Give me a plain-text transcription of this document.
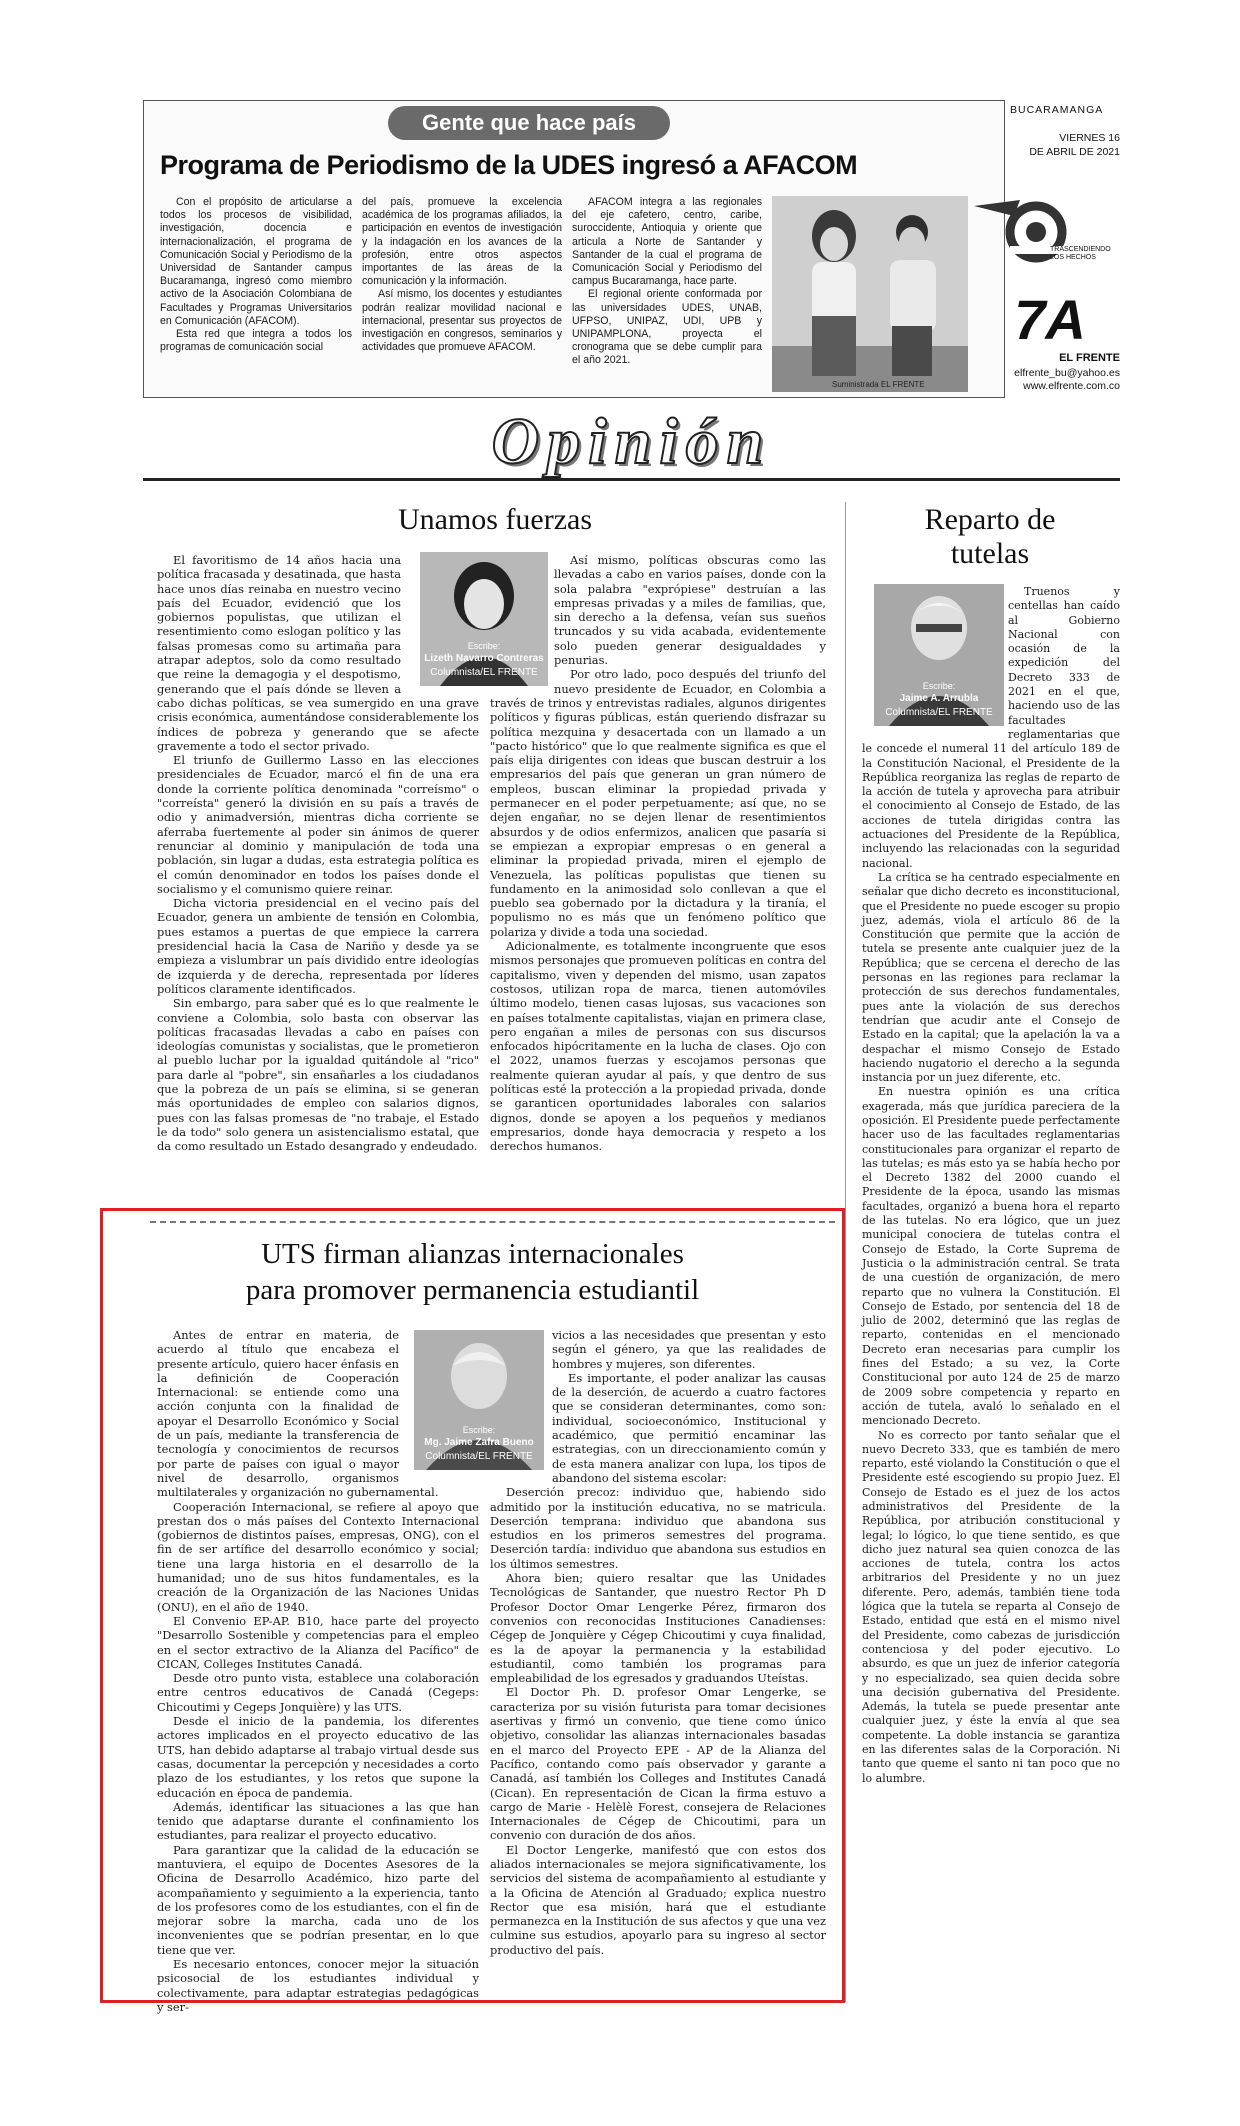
Gente que hace país
Programa de Periodismo de la UDES ingresó a AFACOM

Con el propósito de articularse a todos los procesos de visibilidad, investigación, docencia e internacionalización, el programa de Comunicación Social y Periodismo de la Universidad de Santander campus Bucaramanga, ingresó como miembro activo de la Asociación Colombiana de Facultades y Programas Universitarios en Comunicación (AFACOM).

Esta red que integra a todos los programas de comunicación social

del país, promueve la excelencia académica de los programas afiliados, la participación en eventos de investigación y la indagación en los avances de la profesión, entre otros aspectos importantes de las áreas de la comunicación y la información.

Así mismo, los docentes y estudiantes podrán realizar movilidad nacional e internacional, presentar sus proyectos de investigación en congresos, seminarios y actividades que promueve AFACOM.

AFACOM integra a las regionales del eje cafetero, centro, caribe, suroccidente, Antioquia y oriente que articula a Norte de Santander y Santander de la cual el programa de Comunicación Social y Periodismo del campus Bucaramanga, hace parte.

El regional oriente conformada por las universidades UDES, UNAB, UFPSO, UNIPAZ, UDI, UPB y UNIPAMPLONA, proyecta el cronograma que se debe cumplir para el año 2021.

Suministrada EL FRENTE
BUCARAMANGA
VIERNES 16
DE ABRIL DE 2021
TRASCENDIENDO LOS HECHOS
7A
EL FRENTE
elfrente_bu@yahoo.es
www.elfrente.com.co
Opinión
Unamos fuerzas

El favoritismo de 14 años hacia una política fracasada y desatinada, que hasta hace unos días reinaba en nuestro vecino país del Ecuador, evidenció que los gobiernos populistas, que utilizan el resentimiento como eslogan político y las falsas promesas como su artimaña para atrapar adeptos, solo da como resultado que reine la demagogia y el despotismo, generando que el país dónde se lleven a cabo dichas políticas, se vea sumergido en una grave crisis económica, aumentándose considerablemente los índices de pobreza y generando que se afecte gravemente a todo el sector privado.

El triunfo de Guillermo Lasso en las elecciones presidenciales de Ecuador, marcó el fin de una era donde la corriente política denominada "correísmo" o "correísta" generó la división en su país a través de odio y animadversión, mientras dicha corriente se aferraba fuertemente al poder sin ánimos de querer renunciar al dominio y manipulación de toda una población, sin lugar a dudas, esta estrategia política es el común denominador en todos los países donde el socialismo y el comunismo quiere reinar.

Dicha victoria presidencial en el vecino país del Ecuador, genera un ambiente de tensión en Colombia, pues estamos a puertas de que empiece la carrera presidencial hacia la Casa de Nariño y desde ya se empieza a vislumbrar un país dividido entre ideologías de izquierda y de derecha, representada por líderes políticos claramente identificados.

Sin embargo, para saber qué es lo que realmente le conviene a Colombia, solo basta con observar las políticas fracasadas llevadas a cabo en países con ideologías comunistas y socialistas, que le prometieron al pueblo luchar por la igualdad quitándole al "rico" para darle al "pobre", sin ensañarles a los ciudadanos que la pobreza de un país se elimina, si se generan más oportunidades de empleo con salarios dignos, pues con las falsas promesas de "no trabaje, el Estado le da todo" solo genera un asistencialismo estatal, que da como resultado un Estado desangrado y endeudado.

Escribe:
Lizeth Navarro Contreras
Columnista/EL FRENTE

Así mismo, políticas obscuras como las llevadas a cabo en varios países, donde con la sola palabra "exprópiese" destruían a las empresas privadas y a miles de familias, que, sin derecho a la defensa, veían sus sueños truncados y su vida acabada, evidentemente solo pueden generar desigualdades y penurias.

Por otro lado, poco después del triunfo del nuevo presidente de Ecuador, en Colombia a través de trinos y entrevistas radiales, algunos dirigentes políticos y figuras públicas, están queriendo disfrazar su política mezquina y desacertada con un llamado a un "pacto histórico" que lo que realmente significa es que el país elija dirigentes con ideas que buscan destruir a los empresarios del país que generan un gran número de empleos, buscan eliminar la propiedad privada y permanecer en el poder perpetuamente; así que, no se dejen engañar, no se dejen llenar de resentimientos absurdos y de odios enfermizos, analicen que pasaría si se empiezan a expropiar empresas o en general a eliminar la propiedad privada, miren el ejemplo de Venezuela, las políticas populistas que tienen su fundamento en la animosidad solo conllevan a que el pueblo sea gobernado por la dictadura y la tiranía, el populismo no es más que un fenómeno político que polariza y divide a toda una sociedad.

Adicionalmente, es totalmente incongruente que esos mismos personajes que promueven políticas en contra del capitalismo, viven y dependen del mismo, usan zapatos costosos, utilizan ropa de marca, tienen automóviles último modelo, tienen casas lujosas, sus vacaciones son en países totalmente capitalistas, viajan en primera clase, pero engañan a miles de personas con sus discursos enfocados hipócritamente en la lucha de clases. Ojo con el 2022, unamos fuerzas y escojamos personas que realmente quieran ayudar al país, y que dentro de sus políticas esté la protección a la propiedad privada, donde se garanticen oportunidades laborales con salarios dignos, donde se apoyen a los pequeños y medianos empresarios, donde haya democracia y respeto a los derechos humanos.

Reparto de
tutelas
Escribe:
Jaime A. Arrubla
Columnista/EL FRENTE

Truenos y centellas han caído al Gobierno Nacional con ocasión de la expedición del Decreto 333 de 2021 en el que, haciendo uso de las facultades reglamentarias que le concede el numeral 11 del artículo 189 de la Constitución Nacional, el Presidente de la República reorganiza las reglas de reparto de la acción de tutela y aprovecha para atribuir el conocimiento al Consejo de Estado, de las acciones de tutela dirigidas contra las actuaciones del Presidente de la República, incluyendo las relacionadas con la seguridad nacional.

La crítica se ha centrado especialmente en señalar que dicho decreto es inconstitucional, que el Presidente no puede escoger su propio juez, además, viola el artículo 86 de la Constitución que permite que la acción de tutela se presente ante cualquier juez de la República; que se cercena el derecho de las personas en las regiones para reclamar la protección de sus derechos fundamentales, pues ante la violación de sus derechos tendrían que acudir ante el Consejo de Estado en la capital; que la apelación la va a despachar el mismo Consejo de Estado haciendo nugatorio el derecho a la segunda instancia por un juez diferente, etc.

En nuestra opinión es una crítica exagerada, más que jurídica pareciera de la oposición. El Presidente puede perfectamente hacer uso de las facultades reglamentarias constitucionales para organizar el reparto de las tutelas; es más esto ya se había hecho por el Decreto 1382 del 2000 cuando el Presidente de la época, usando las mismas facultades, organizó a buena hora el reparto de las tutelas. No era lógico, que un juez municipal conociera de tutelas contra el Consejo de Estado, la Corte Suprema de Justicia o la administración central. Se trata de una cuestión de organización, de mero reparto que no vulnera la Constitución. El Consejo de Estado, por sentencia del 18 de julio de 2002, determinó que las reglas de reparto, contenidas en el mencionado Decreto eran necesarias para cumplir los fines del Estado; a su vez, la Corte Constitucional por auto 124 de 25 de marzo de 2009 sobre competencia y reparto en acción de tutela, avaló lo señalado en el mencionado Decreto.

No es correcto por tanto señalar que el nuevo Decreto 333, que es también de mero reparto, esté violando la Constitución o que el Presidente esté escogiendo su propio Juez. El Consejo de Estado es el juez de los actos administrativos del Presidente de la República, por atribución constitucional y legal; lo lógico, lo que tiene sentido, es que dicho juez natural sea quien conozca de las acciones de tutela, contra los actos arbitrarios del Presidente y no un juez diferente. Pero, además, también tiene toda lógica que la tutela se reparta al Consejo de Estado, entidad que está en el mismo nivel del Presidente, como cabezas de jurisdicción contenciosa y del poder ejecutivo. Lo absurdo, es que un juez de inferior categoría y no especializado, sea quien decida sobre una decisión gubernativa del Presidente. Además, la tutela se puede presentar ante cualquier juez, y éste la envía al que sea competente. La doble instancia se garantiza en las diferentes salas de la Corporación. Ni tanto que queme el santo ni tan poco que no lo alumbre.

UTS firman alianzas internacionales
para promover permanencia estudiantil

Antes de entrar en materia, de acuerdo al título que encabeza el presente artículo, quiero hacer énfasis en la definición de Cooperación Internacional: se entiende como una acción conjunta con la finalidad de apoyar el Desarrollo Económico y Social de un país, mediante la transferencia de tecnología y conocimientos de recursos por parte de países con igual o mayor nivel de desarrollo, organismos multilaterales y organización no gubernamental.

Cooperación Internacional, se refiere al apoyo que prestan dos o más países del Contexto Internacional (gobiernos de distintos países, empresas, ONG), con el fin de ser artífice del desarrollo económico y social; tiene una larga historia en el desarrollo de la humanidad; uno de sus hitos fundamentales, es la creación de la Organización de las Naciones Unidas (ONU), en el año de 1940.

El Convenio EP-AP. B10, hace parte del proyecto "Desarrollo Sostenible y competencias para el empleo en el sector extractivo de la Alianza del Pacífico" de CICAN, Colleges Institutes Canadá.

Desde otro punto vista, establece una colaboración entre centros educativos de Canadá (Cegeps: Chicoutimi y Cegeps Jonquière) y las UTS.

Desde el inicio de la pandemia, los diferentes actores implicados en el proyecto educativo de las UTS, han debido adaptarse al trabajo virtual desde sus casas, documentar la percepción y necesidades a corto plazo de los estudiantes, y los retos que supone la educación en época de pandemia.

Además, identificar las situaciones a las que han tenido que adaptarse durante el confinamiento los estudiantes, para realizar el proyecto educativo.

Para garantizar que la calidad de la educación se mantuviera, el equipo de Docentes Asesores de la Oficina de Desarrollo Académico, hizo parte del acompañamiento y seguimiento a la experiencia, tanto de los profesores como de los estudiantes, con el fin de mejorar sobre la marcha, cada uno de los inconvenientes que se podrían presentar, en lo que tiene que ver.

Es necesario entonces, conocer mejor la situación psicosocial de los estudiantes individual y colectivamente, para adaptar estrategias pedagógicas y ser-

Escribe:
Mg. Jaime Zafra Bueno
Columnista/EL FRENTE

vicios a las necesidades que presentan y esto según el género, ya que las realidades de hombres y mujeres, son diferentes.

Es importante, el poder analizar las causas de la deserción, de acuerdo a cuatro factores que se consideran determinantes, como son: individual, socioeconómico, Institucional y académico, que permitió encaminar las estrategias, con un direccionamiento común y de esta manera analizar con lupa, los tipos de abandono del sistema escolar:

Deserción precoz: individuo que, habiendo sido admitido por la institución educativa, no se matricula. Deserción temprana: individuo que abandona sus estudios en los primeros semestres del programa. Deserción tardía: individuo que abandona sus estudios en los últimos semestres.

Ahora bien; quiero resaltar que las Unidades Tecnológicas de Santander, que nuestro Rector Ph D Profesor Doctor Omar Lengerke Pérez, firmaron dos convenios con reconocidas Instituciones Canadienses: Cégep de Jonquière y Cégep Chicoutimi y cuya finalidad, es la de apoyar la permanencia y la estabilidad estudiantil, como también los programas para empleabilidad de los egresados y graduandos Uteístas.

El Doctor Ph. D. profesor Omar Lengerke, se caracteriza por su visión futurista para tomar decisiones asertivas y firmó un convenio, que tiene como único objetivo, consolidar las alianzas internacionales basadas en el marco del Proyecto EPE - AP de la Alianza del Pacífico, contando como país observador y garante a Canadá, así también los Colleges and Institutes Canadá (Cican). En representación de Cican la firma estuvo a cargo de Marie - Helèlè Forest, consejera de Relaciones Internacionales de Cégep de Chicoutimi, para un convenio con duración de dos años.

El Doctor Lengerke, manifestó que con estos dos aliados internacionales se mejora significativamente, los servicios del sistema de acompañamiento al estudiante y a la Oficina de Atención al Graduado; explica nuestro Rector que esa misión, hará que el estudiante permanezca en la Institución de sus afectos y que una vez culmine sus estudios, apoyarlo para su ingreso al sector productivo del país.
